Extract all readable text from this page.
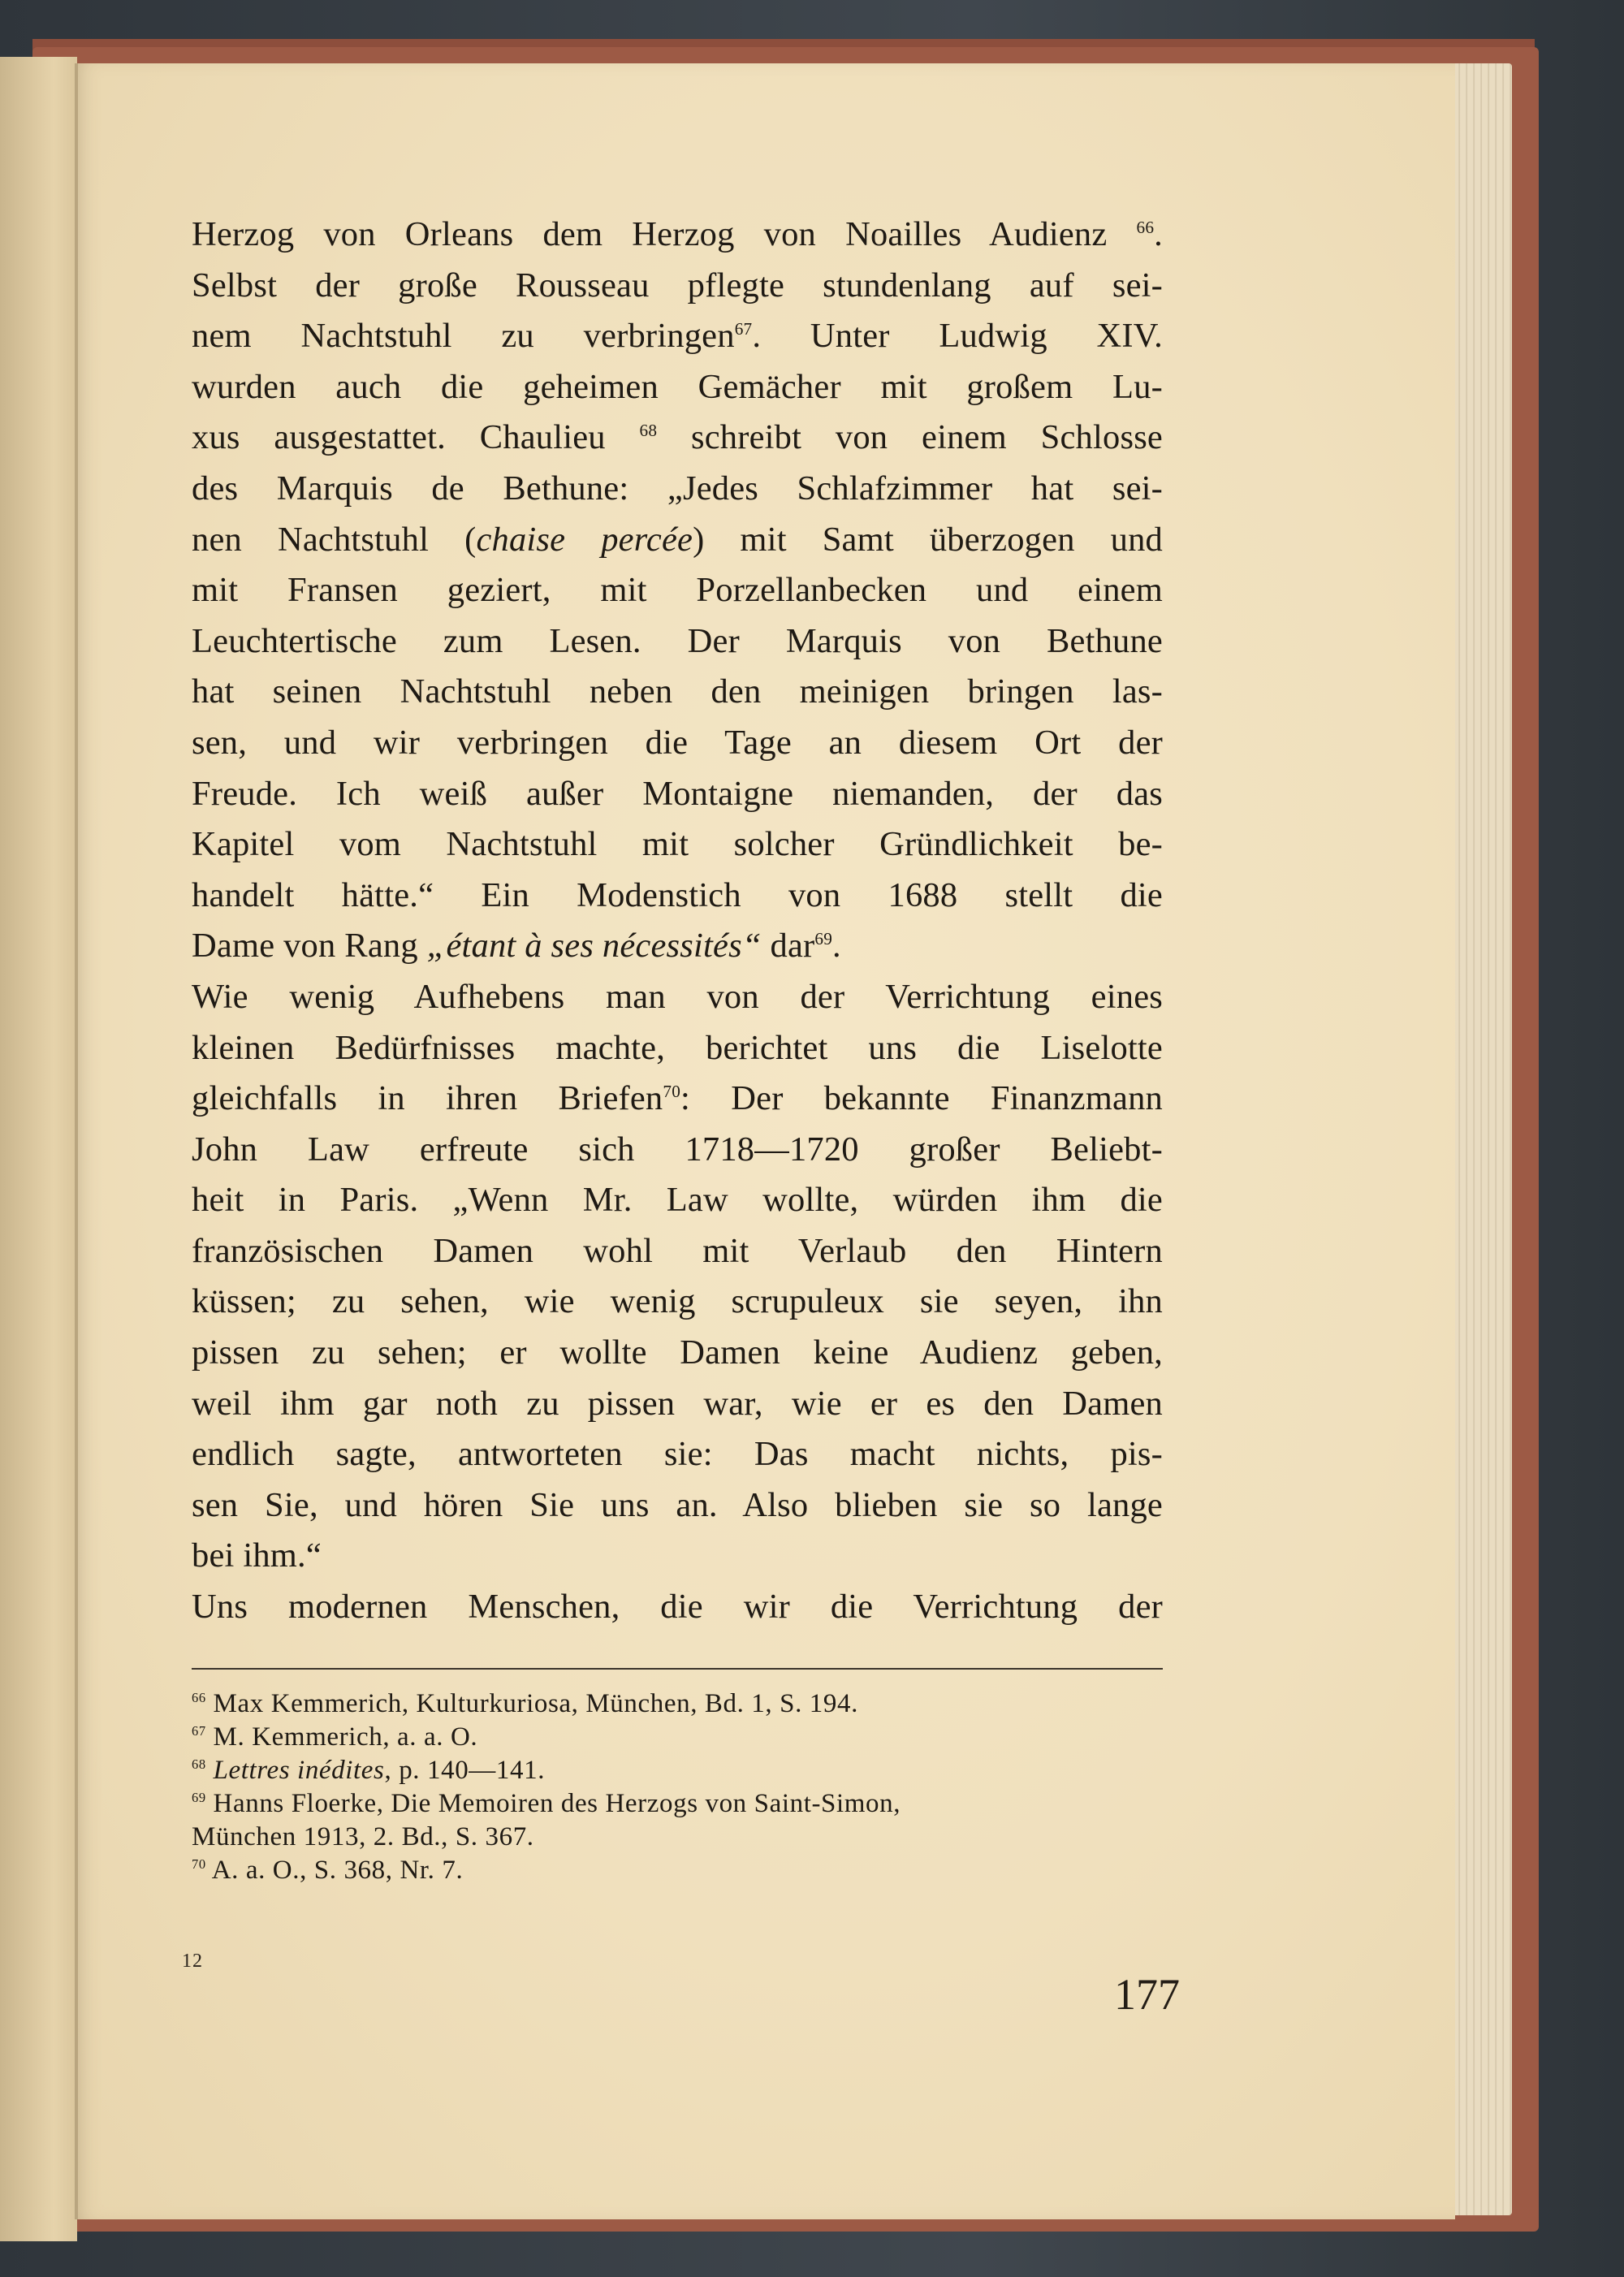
Herzog von Orleans dem Herzog von Noailles Audienz $^{66}$.
Selbst der große Rousseau pflegte stundenlang auf sei-
nem Nachtstuhl zu verbringen$^{67}$. Unter Ludwig XIV.
wurden auch die geheimen Gemächer mit großem Lu-
xus ausgestattet. Chaulieu $^{68}$ schreibt von einem Schlosse
des Marquis de Bethune: „Jedes Schlafzimmer hat sei-
nen Nachtstuhl (chaise percée) mit Samt überzogen und
mit Fransen geziert, mit Porzellanbecken und einem
Leuchtertische zum Lesen. Der Marquis von Bethune
hat seinen Nachtstuhl neben den meinigen bringen las-
sen, und wir verbringen die Tage an diesem Ort der
Freude. Ich weiß außer Montaigne niemanden, der das
Kapitel vom Nachtstuhl mit solcher Gründlichkeit be-
handelt hätte.“ Ein Modenstich von 1688 stellt die
Dame von Rang „étant à ses nécessités“ dar$^{69}$.
Wie wenig Aufhebens man von der Verrichtung eines
kleinen Bedürfnisses machte, berichtet uns die Liselotte
gleichfalls in ihren Briefen$^{70}$: Der bekannte Finanzmann
John Law erfreute sich 1718—1720 großer Beliebt-
heit in Paris. „Wenn Mr. Law wollte, würden ihm die
französischen Damen wohl mit Verlaub den Hintern
küssen; zu sehen, wie wenig scrupuleux sie seyen, ihn
pissen zu sehen; er wollte Damen keine Audienz geben,
weil ihm gar noth zu pissen war, wie er es den Damen
endlich sagte, antworteten sie: Das macht nichts, pis-
sen Sie, und hören Sie uns an. Also blieben sie so lange
bei ihm.“
Uns modernen Menschen, die wir die Verrichtung der
$^{66}$ Max Kemmerich, Kulturkuriosa, München, Bd. 1, S. 194.
$^{67}$ M. Kemmerich, a. a. O.
$^{68}$ Lettres inédites, p. 140—141.
$^{69}$ Hanns Floerke, Die Memoiren des Herzogs von Saint-Simon,
München 1913, 2. Bd., S. 367.
$^{70}$ A. a. O., S. 368, Nr. 7.
12
177
